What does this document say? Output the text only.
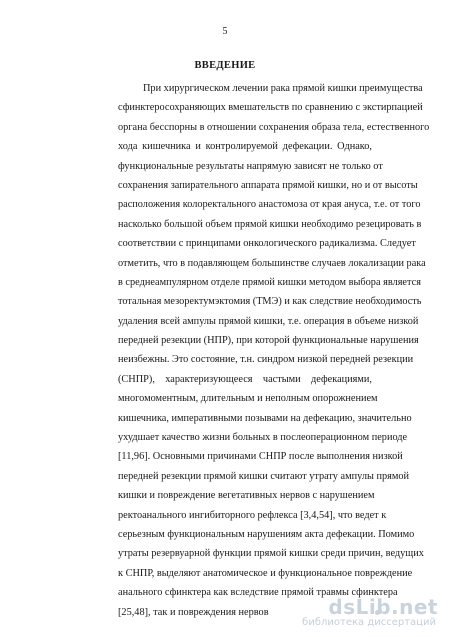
5
ВВЕДЕНИЕ
При хирургическом лечении рака прямой кишки преимущества
сфинктеросохраняющих вмешательств по сравнению с экстирпацией
органа бесспорны в отношении сохранения образа тела, естественного
хода кишечника и контролируемой дефекации. Однако,
функциональные результаты напрямую зависят не только от
сохранения запирательного аппарата прямой кишки, но и от высоты
расположения колоректального анастомоза от края ануса, т.е. от того
насколько большой объем прямой кишки необходимо резецировать в
соответствии с принципами онкологического радикализма. Следует
отметить, что в подавляющем большинстве случаев локализации рака
в среднеампулярном отделе прямой кишки методом выбора является
тотальная мезоректумэктомия (ТМЭ) и как следствие необходимость
удаления всей ампулы прямой кишки, т.е. операция в объеме низкой
передней резекции (НПР), при которой функциональные нарушения
неизбежны. Это состояние, т.н. синдром низкой передней резекции
(СНПР), характеризующееся частыми дефекациями,
многомоментным, длительным и неполным опорожнением
кишечника, императивными позывами на дефекацию, значительно
ухудшает качество жизни больных в послеоперационном периоде
[11,96]. Основными причинами СНПР после выполнения низкой
передней резекции прямой кишки считают утрату ампулы прямой
кишки и повреждение вегетативных нервов с нарушением
ректоанального ингибиторного рефлекса [3,4,54], что ведет к
серьезным функциональным нарушениям акта дефекации. Помимо
утраты резервуарной функции прямой кишки среди причин, ведущих
к СНПР, выделяют анатомическое и функциональное повреждение
анального сфинктера как вследствие прямой травмы сфинктера
[25,48], так и повреждения нервов	dsLib.net
библиотека диссертаций
